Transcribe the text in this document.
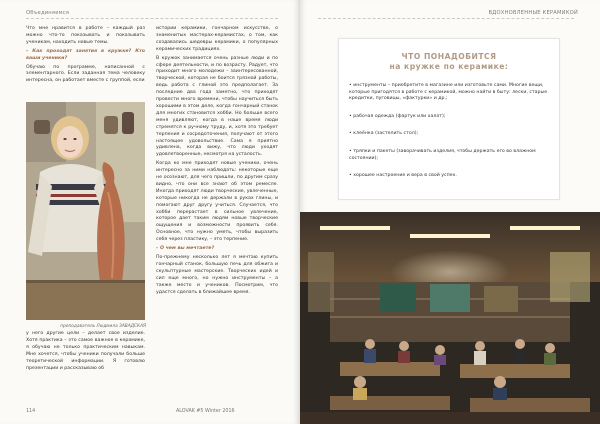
Объединяемся

Что мне нравится в работе – каждый раз можно что-то показывать и показывать ученикам, находить новые темы.

– Как проходят занятия в кружке? Кто ваши ученики?

Обучаю по программе, написанной с элементарного. Если заданная тема человеку интересна, он работает вместе с группой, если

преподаватель Людмила ЗАВАДСКАЯ

у него другие цели – делает свое изделие. Хотя практика – это самое важное в керамике, я обучаю не только практическим навыкам. Мне хочется, чтобы ученики получали больше теоретической информации. Я готовлю презентации и рассказываю об

истории керамики, гончарном искусстве, о знаменитых мастерах-керамистах, о том, как создавались шедевры керамики, о популярных керамических традициях.

В кружок занимается очень разные люди и по сфере деятельности, и по возрасту. Радует, что приходит много молодежи – заинтересованной, творческой, которая не боится грязной работы, ведь работа с глиной это предполагает. За последние два года заметно, что приходят провести много времени, чтобы научиться быть хорошими в этом деле, когда гончарный станок для многих становится хобби. Но больше всего меня удивляют, когда в наше время люди стремятся к ручному труду, и, хотя это требует терпения и сосредоточения, получают от этого настоящее удовольствие. Сама я приятно удивлена, когда вижу, что люди уходят удовлетворенные, несмотря на усталость.

Когда ко мне приходят новые ученики, очень интересно за ними наблюдать: некоторые еще не осознают, для чего пришли, по другим сразу видно, что они все знают об этом ремесле. Иногда приходят люди творческие, увлеченные, которые никогда не держали в руках глины, и помогают друг другу учиться. Случается, что хобби перерастает в сильное увлечение, которое дает таким людям новые творческие ощущения и возможности проявить себя. Основное, что нужно уметь, чтобы выразить себя через пластику, – это терпение.

– О чем вы мечтаете?

По-прежнему несколько лет я мечтаю купить гончарный станок, большую печь для обжига и скульптурные мастерские. Творческих идей и сил еще много, но нужно инструменты – а также место и учеников. Посмотрим, что удастся сделать в ближайшее время.

114	ALOVAK #5 Winter 2016
ВДОХНОВЛЕННЫЕ КЕРАМИКОЙ
ЧТО ПОНАДОБИТСЯ
на кружке по керамике:
• инструменты – приобретите в магазине или изготовьте сами. Многие вещи, которые пригодятся в работе с керамикой, можно найти в быту: лески, старые кредитки, пуговицы, «фактурки» и др.;
• рабочая одежда (фартук или халат);
• клеёнка (застелить стол);
• тряпки и пакеты (заворачивать изделия, чтобы держать его во влажном состоянии);
• хорошее настроение и вера в свой успех.
